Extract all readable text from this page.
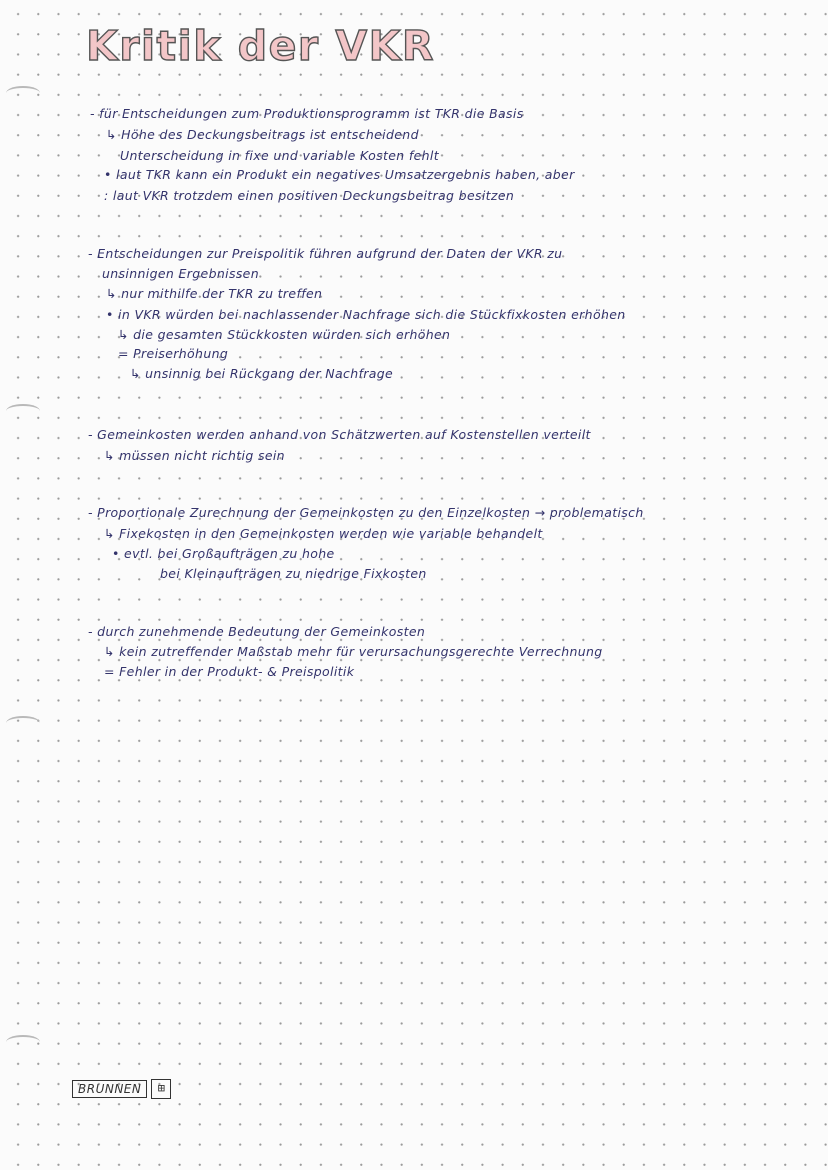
Kritik der VKR
- für Entscheidungen zum Produktionsprogramm ist TKR die Basis
↳ Höhe des Deckungsbeitrags ist entscheidend
Unterscheidung in fixe und variable Kosten fehlt
• laut TKR kann ein Produkt ein negatives Umsatzergebnis haben, aber
: laut VKR trotzdem einen positiven Deckungsbeitrag besitzen
- Entscheidungen zur Preispolitik führen aufgrund der Daten der VKR zu
unsinnigen Ergebnissen
↳ nur mithilfe der TKR zu treffen
• in VKR würden bei nachlassender Nachfrage sich die Stückfixkosten erhöhen
↳ die gesamten Stückkosten würden sich erhöhen
= Preiserhöhung
↳ unsinnig bei Rückgang der Nachfrage
- Gemeinkosten werden anhand von Schätzwerten auf Kostenstellen verteilt
↳ müssen nicht richtig sein
- Proportionale Zurechnung der Gemeinkosten zu den Einzelkosten → problematisch
↳ Fixekosten in den Gemeinkosten werden wie variable behandelt
• evtl. bei Großaufträgen zu hohe
bei Kleinaufträgen zu niedrige Fixkosten
- durch zunehmende Bedeutung der Gemeinkosten
↳ kein zutreffender Maßstab mehr für verursachungsgerechte Verrechnung
= Fehler in der Produkt- & Preispolitik
BRUNNEN	⊞
